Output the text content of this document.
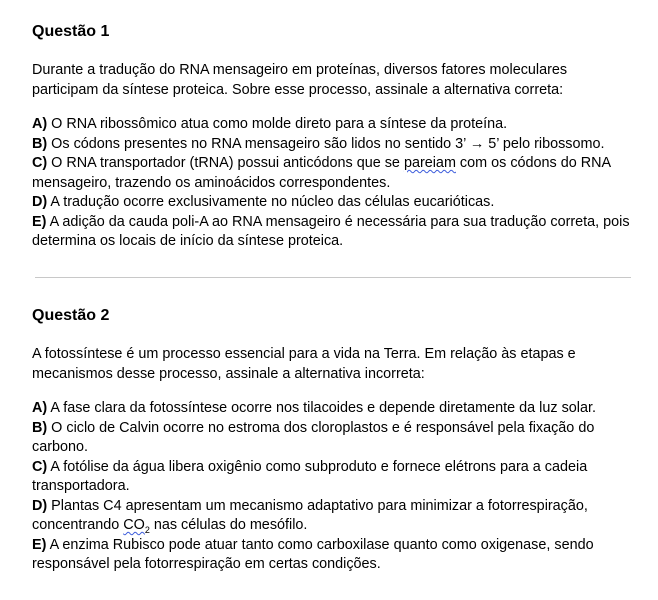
Questão 1

Durante a tradução do RNA mensageiro em proteínas, diversos fatores moleculares participam da síntese proteica. Sobre esse processo, assinale a alternativa correta:

A) O RNA ribossômico atua como molde direto para a síntese da proteína.

B) Os códons presentes no RNA mensageiro são lidos no sentido 3’ → 5’ pelo ribossomo.

C) O RNA transportador (tRNA) possui anticódons que se pareiam com os códons do RNA mensageiro, trazendo os aminoácidos correspondentes.

D) A tradução ocorre exclusivamente no núcleo das células eucarióticas.

E) A adição da cauda poli-A ao RNA mensageiro é necessária para sua tradução correta, pois determina os locais de início da síntese proteica.

Questão 2

A fotossíntese é um processo essencial para a vida na Terra. Em relação às etapas e mecanismos desse processo, assinale a alternativa incorreta:

A) A fase clara da fotossíntese ocorre nos tilacoides e depende diretamente da luz solar.

B) O ciclo de Calvin ocorre no estroma dos cloroplastos e é responsável pela fixação do carbono.

C) A fotólise da água libera oxigênio como subproduto e fornece elétrons para a cadeia transportadora.

D) Plantas C4 apresentam um mecanismo adaptativo para minimizar a fotorrespiração, concentrando $CO_2$ nas células do mesófilo.

E) A enzima Rubisco pode atuar tanto como carboxilase quanto como oxigenase, sendo responsável pela fotorrespiração em certas condições.
